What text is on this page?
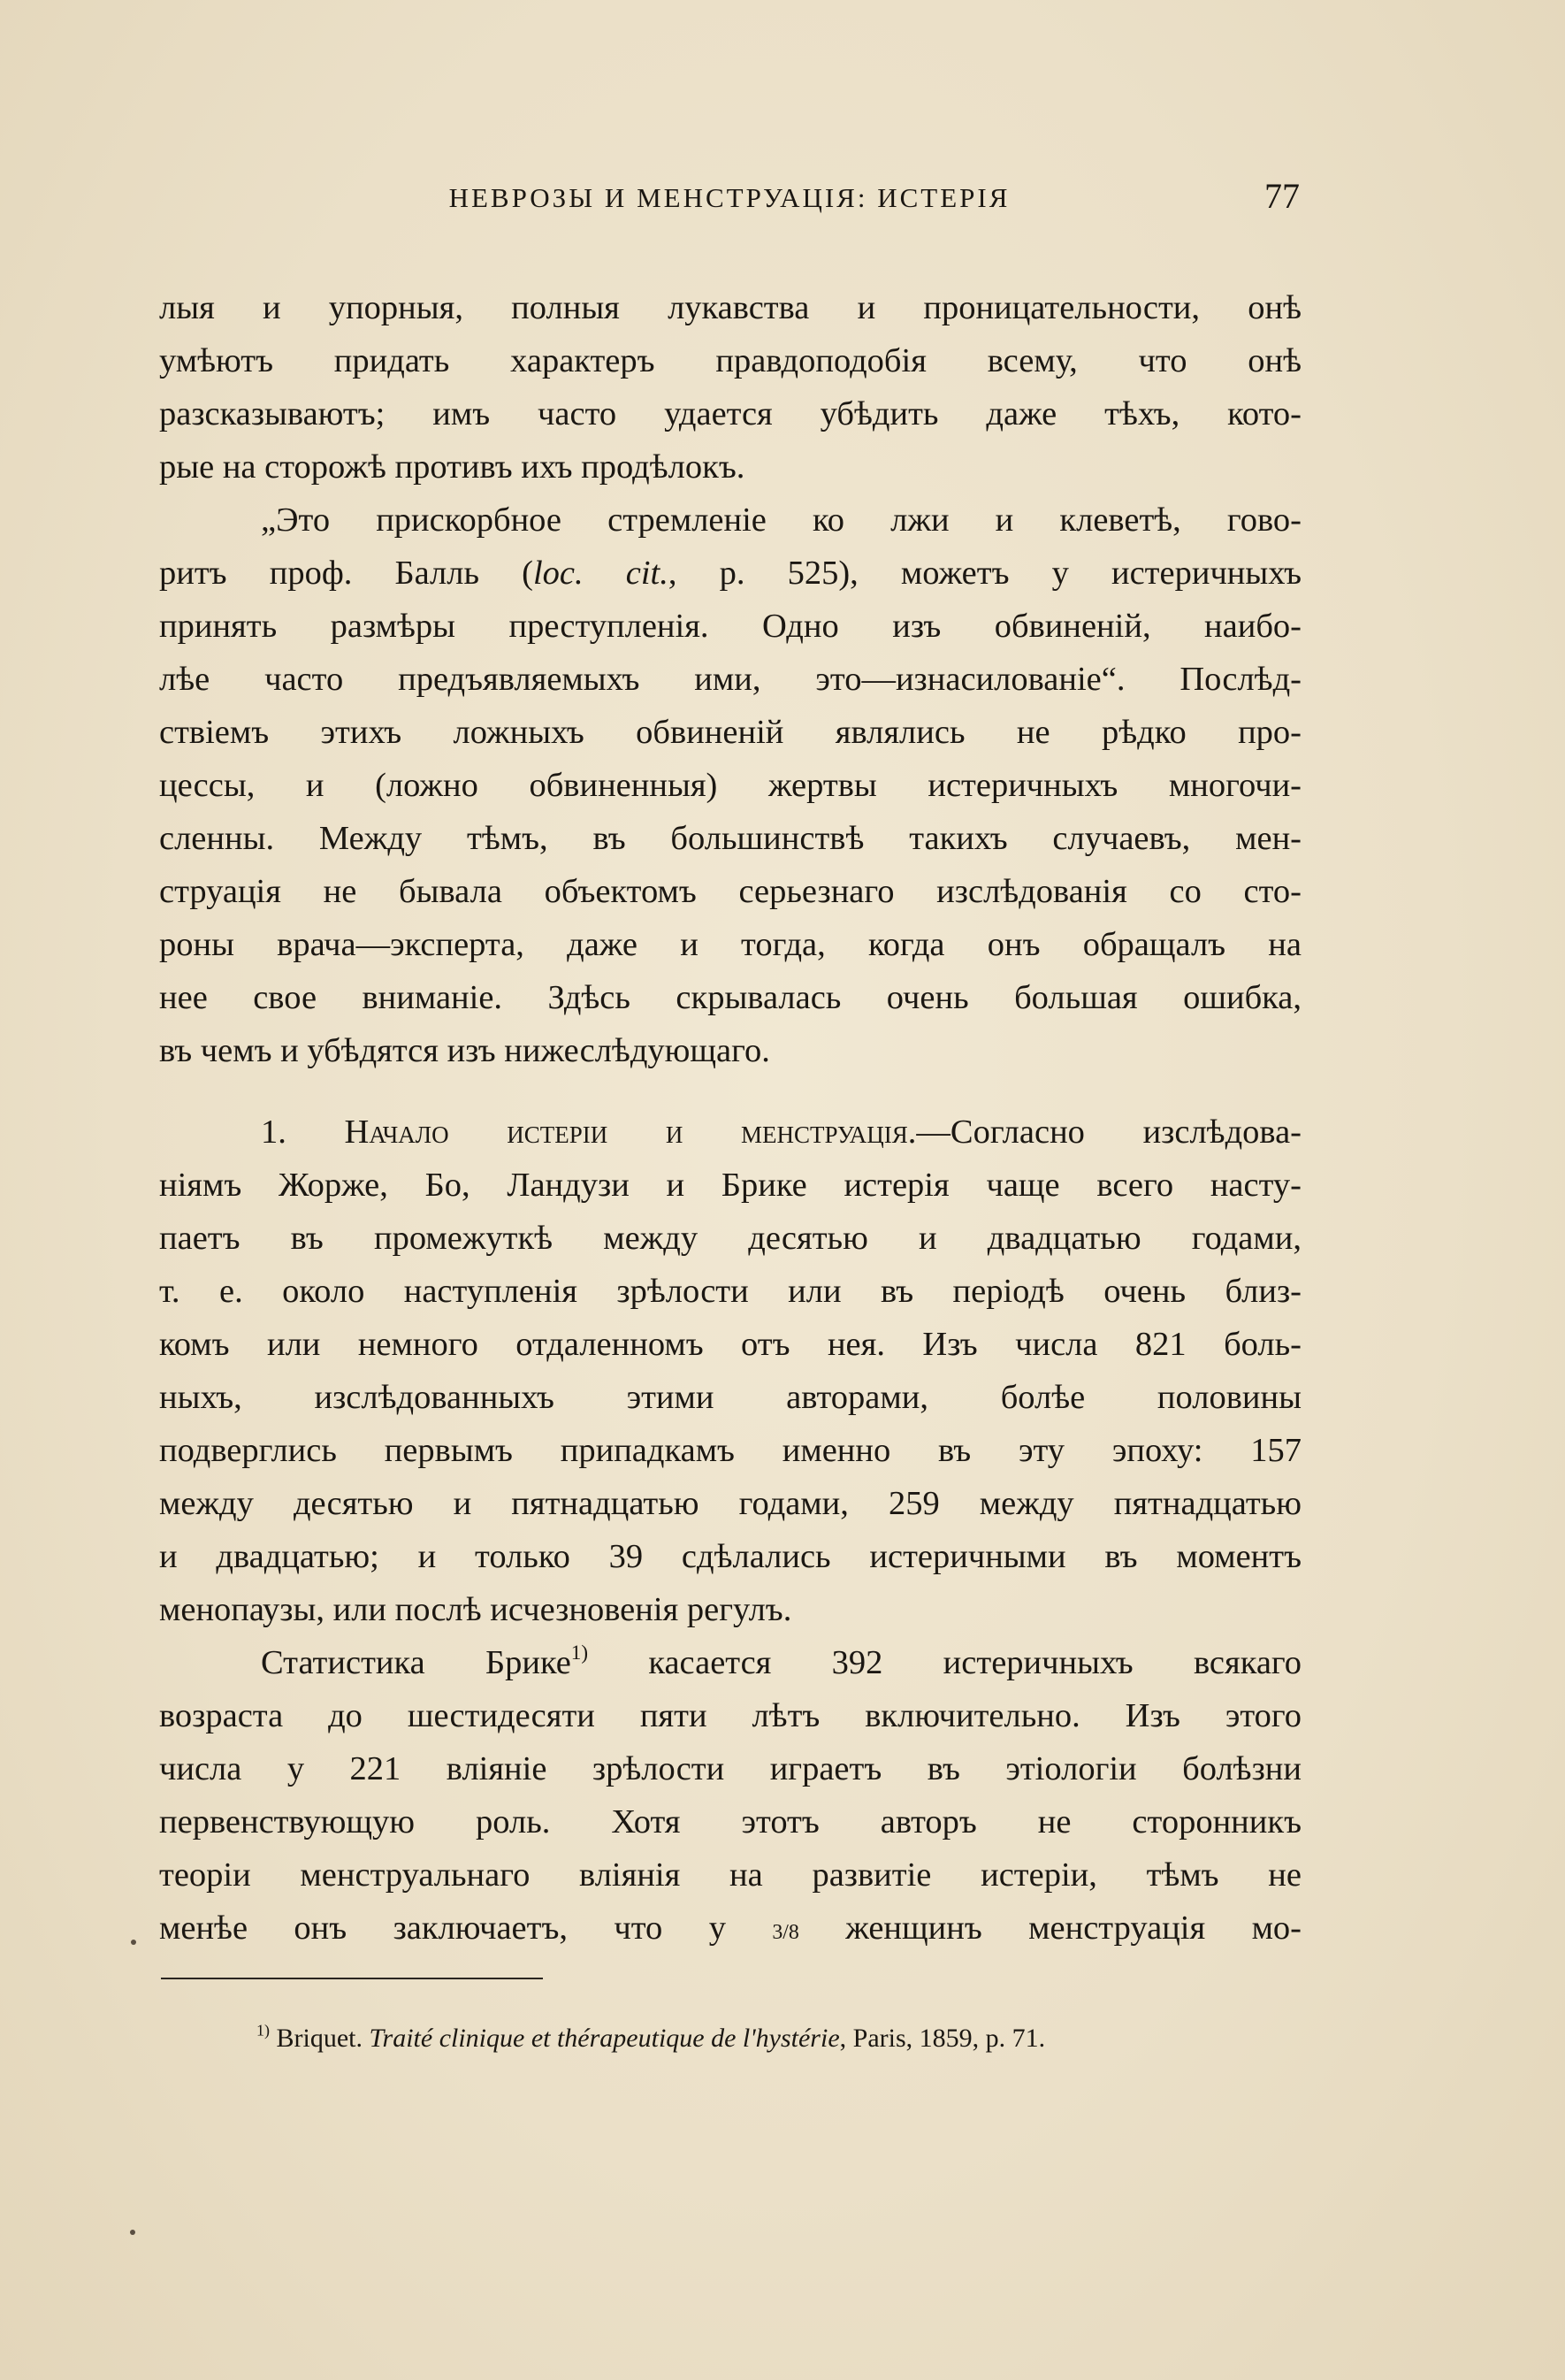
НЕВРОЗЫ И МЕНСТРУАЦІЯ: ИСТЕРІЯ	77
лыя и упорныя, полныя лукавства и проницательности, онѣ
умѣютъ придать характеръ правдоподобія всему, что онѣ
разсказываютъ; имъ часто удается убѣдить даже тѣхъ, кото-
рые на сторожѣ противъ ихъ продѣлокъ.
„Это прискорбное стремленіе ко лжи и клеветѣ, гово-
ритъ проф. Балль (loc. cit., p. 525), можетъ у истеричныхъ
принять размѣры преступленія. Одно изъ обвиненій, наибо-
лѣе часто предъявляемыхъ ими, это—изнасилованіе“. Послѣд-
ствіемъ этихъ ложныхъ обвиненій являлись не рѣдко про-
цессы, и (ложно обвиненныя) жертвы истеричныхъ многочи-
сленны. Между тѣмъ, въ большинствѣ такихъ случаевъ, мен-
струація не бывала объектомъ серьезнаго изслѣдованія со сто-
роны врача—эксперта, даже и тогда, когда онъ обращалъ на
нее свое вниманіе. Здѣсь скрывалась очень большая ошибка,
въ чемъ и убѣдятся изъ нижеслѣдующаго.
1. Начало истеріи и менструація.—Согласно изслѣдова-
ніямъ Жорже, Бо, Ландузи и Брике истерія чаще всего насту-
паетъ въ промежуткѣ между десятью и двадцатью годами,
т. е. около наступленія зрѣлости или въ періодѣ очень близ-
комъ или немного отдаленномъ отъ нея. Изъ числа 821 боль-
ныхъ, изслѣдованныхъ этими авторами, болѣе половины
подверглись первымъ припадкамъ именно въ эту эпоху: 157
между десятью и пятнадцатью годами, 259 между пятнадцатью
и двадцатью; и только 39 сдѣлались истеричными въ моментъ
менопаузы, или послѣ исчезновенія регулъ.
Статистика Брике$^{1)}$ касается 392 истеричныхъ всякаго
возраста до шестидесяти пяти лѣтъ включительно. Изъ этого
числа у 221 вліяніе зрѣлости играетъ въ этіологіи болѣзни
первенствующую роль. Хотя этотъ авторъ не сторонникъ
теоріи менструальнаго вліянія на развитіе истеріи, тѣмъ не
менѣе онъ заключаетъ, что у 3/8 женщинъ менструація мо-
$^{1)}$ Briquet. Traité clinique et thérapeutique de l'hystérie, Paris, 1859, p. 71.
